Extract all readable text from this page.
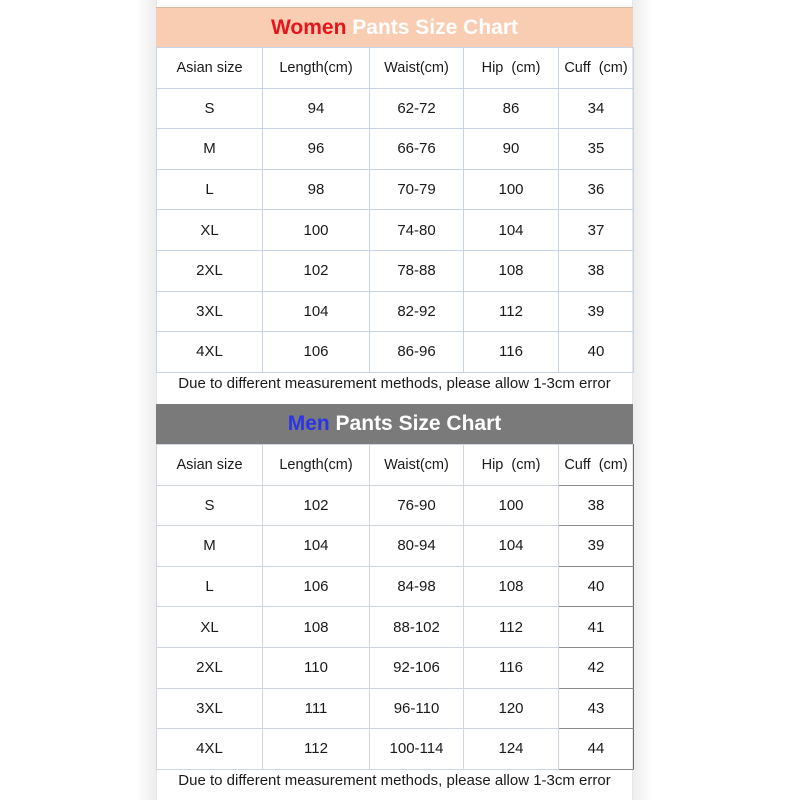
Women Pants Size Chart
Asian size	Length(cm)	Waist(cm)	Hip  (cm)	Cuff  (cm)
S	94	62-72	86	34
M	96	66-76	90	35
L	98	70-79	100	36
XL	100	74-80	104	37
2XL	102	78-88	108	38
3XL	104	82-92	112	39
4XL	106	86-96	116	40
Due to different measurement methods, please allow 1-3cm error
Men Pants Size Chart
Asian size	Length(cm)	Waist(cm)	Hip  (cm)	Cuff  (cm)
S	102	76-90	100	38
M	104	80-94	104	39
L	106	84-98	108	40
XL	108	88-102	112	41
2XL	110	92-106	116	42
3XL	111	96-110	120	43
4XL	112	100-114	124	44
Due to different measurement methods, please allow 1-3cm error
